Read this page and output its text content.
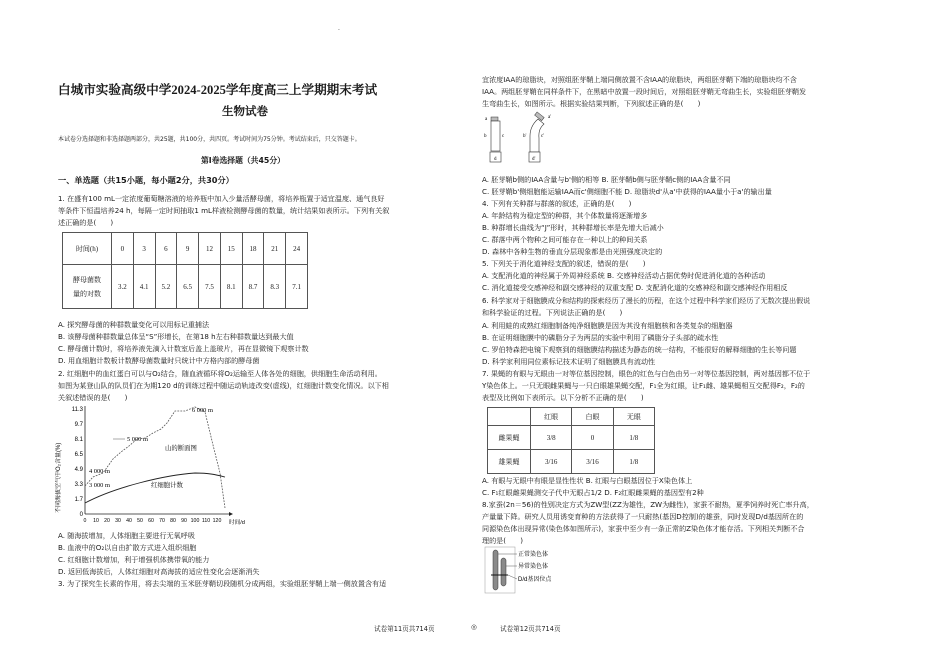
·
白城市实验高级中学2024-2025学年度高三上学期期末考试
生物试卷
本试卷分选择题和非选择题两部分，共25题，共100分，共四页。考试时间为75分钟。考试结束后，只交答题卡。
第Ⅰ卷选择题（共45分）
一、单选题（共15小题，每小题2分，共30分）
1. 在盛有100 mL一定浓度葡萄糖溶液的培养瓶中加入少量活酵母菌，将培养瓶置于适宜温度、通气良好
等条件下恒温培养24 h，每隔一定时间抽取1 mL样液检测酵母菌的数量，统计结果如表所示。下列有关叙
述正确的是(　　)
时间(h)	0	3	6	9	12	15	18	21	24

酵母菌数
量的对数	3.2	4.1	5.2	6.5	7.5	8.1	8.7	8.3	7.1
A. 探究酵母菌的种群数量变化可以用标记重捕法
B. 该酵母菌种群数量总体呈“S”形增长，在第18 h左右种群数量达到最大值
C. 酵母菌计数时，将培养液先滴入计数室后盖上盖玻片，再在显微镜下观察计数
D. 用血细胞计数板计数酵母菌数量时只统计中方格内部的酵母菌
2. 红细胞中的血红蛋白可以与O₂结合，随血液循环将O₂运输至人体各处的细胞，供细胞生命活动利用。
如图为某登山队的队员们在为期120 d的训练过程中随运动轨迹改变(虚线)，红细胞计数变化情况。以下相
关叙述错误的是(　　)
不同海拔空气中O₂含量(%)
11.3
9.7
8.1
6.5
4.9
3.3
1.7
0
0 10 20 30 40 50 60 70 80 90 100 110 120 时间/d
6 000 m
5 000 m
4 000 m
3 000 m
山的断面图
红细胞计数
A. 随海拔增加，人体细胞主要进行无氧呼吸
B. 血液中的O₂以自由扩散方式进入组织细胞
C. 红细胞计数增加，利于增强机体携带氧的能力
D. 返回低海拔后，人体红细胞对高海拔的适应性变化会逐渐消失
3. 为了探究生长素的作用，将去尖端的玉米胚芽鞘切段随机分成两组，实验组胚芽鞘上端一侧放置含有适
宜浓度IAA的琼脂块，对照组胚芽鞘上端同侧放置不含IAA的琼脂块，两组胚芽鞘下端的琼脂块均不含
IAA。两组胚芽鞘在同样条件下，在黑暗中放置一段时间后，对照组胚芽鞘无弯曲生长，实验组胚芽鞘发
生弯曲生长，如图所示。根据实验结果判断，下列叙述正确的是(　　)
a
b	c
d
a'
b'	c'
d'
A. 胚芽鞘b侧的IAA含量与b'侧的相等 B. 胚芽鞘b侧与胚芽鞘c侧的IAA含量不同
C. 胚芽鞘b'侧细胞能运输IAA而c'侧细胞不能 D. 琼脂块d'从a'中获得的IAA量小于a'的输出量
4. 下列有关种群与群落的叙述，正确的是(　　)
A. 年龄结构为稳定型的种群，其个体数量将逐渐增多
B. 种群增长曲线为“J”形时，其种群增长率是先增大后减小
C. 群落中两个物种之间可能存在一种以上的种间关系
D. 森林中各种生物的垂直分层现象都是由光照强度决定的
5. 下列关于消化道神经支配的叙述，错误的是(　　)
A. 支配消化道的神经属于外周神经系统 B. 交感神经活动占据优势时促进消化道的各种活动
C. 消化道接受交感神经和副交感神经的双重支配 D. 支配消化道的交感神经和副交感神经作用相反
6. 科学家对于细胞膜成分和结构的探索经历了漫长的历程，在这个过程中科学家们经历了无数次提出假说
和科学验证的过程。下列说法正确的是(　　)
A. 利用蛙的成熟红细胞制备纯净细胞膜是因为其没有细胞核和各类复杂的细胞器
B. 在证明细胞膜中的磷脂分子为两层的实验中利用了磷脂分子头部的疏水性
C. 罗伯特森把电镜下观察到的细胞膜结构描述为静态的统一结构，不能很好的解释细胞的生长等问题
D. 科学家利用同位素标记技术证明了细胞膜具有流动性
7. 果蝇的有眼与无眼由一对等位基因控制，眼色的红色与白色由另一对等位基因控制，两对基因都不位于
Y染色体上。一只无眼雌果蝇与一只白眼雄果蝇交配，F₁全为红眼，让F₁雌、雄果蝇相互交配得F₂，F₂的
表型及比例如下表所示。以下分析不正确的是(　　)
	红眼	白眼	无眼
雌果蝇	3/8	0	1/8
雄果蝇	3/16	3/16	1/8
A. 有眼与无眼中有眼是显性性状 B. 红眼与白眼基因位于X染色体上
C. F₁红眼雌果蝇测交子代中无眼占1/2 D. F₂红眼雌果蝇的基因型有2种
8.家蚕(2n＝56)的性别决定方式为ZW型(ZZ为雄性，ZW为雌性)，家蚕不耐热，夏季饲养时死亡率升高，
产量量下降。研究人员用诱变育种的方法获得了一只耐热(基因D控制)的雄蚕，同时发现D/d基因所在的
同源染色体出现异常(染色体如图所示)，家蚕中至少有一条正常的Z染色体才能存活。下列相关判断不合
理的是(　　)
正常染色体
异常染色体
D/d基因位点
试卷第11页共714页	◎	试卷第12页共714页
